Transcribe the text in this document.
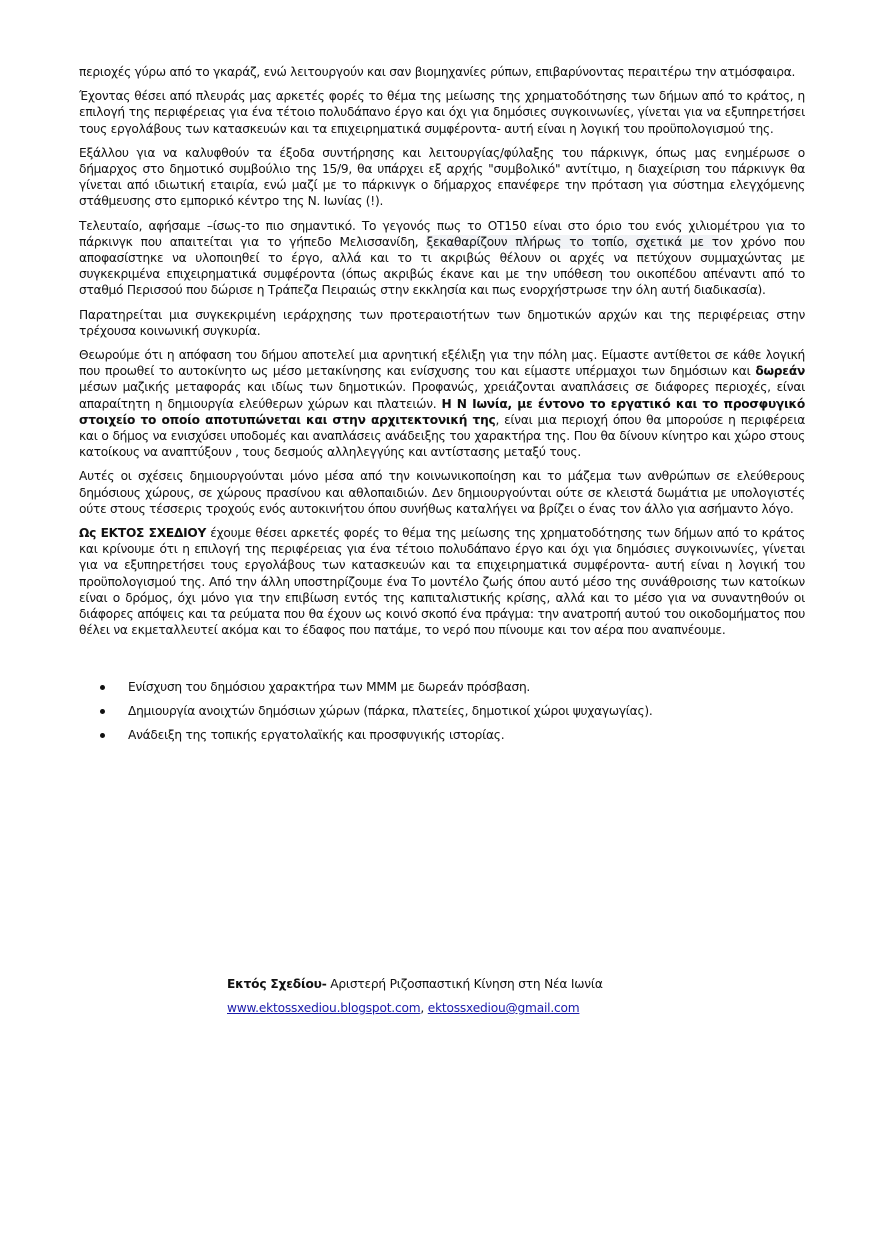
περιοχές γύρω από το γκαράζ, ενώ λειτουργούν και σαν βιομηχανίες ρύπων, επιβαρύνοντας περαιτέρω την ατμόσφαιρα.

Έχοντας θέσει από πλευράς μας αρκετές φορές το θέμα της μείωσης της χρηματοδότησης των δήμων από το κράτος, η επιλογή της περιφέρειας για ένα τέτοιο πολυδάπανο έργο και όχι για δημόσιες συγκοινωνίες, γίνεται για να εξυπηρετήσει τους εργολάβους των κατασκευών και τα επιχειρηματικά συμφέροντα- αυτή είναι η λογική του προϋπολογισμού της.

Εξάλλου για να καλυφθούν τα έξοδα συντήρησης και λειτουργίας/φύλαξης του πάρκινγκ, όπως μας ενημέρωσε ο δήμαρχος στο δημοτικό συμβούλιο της 15/9, θα υπάρχει εξ αρχής "συμβολικό" αντίτιμο, η διαχείριση του πάρκινγκ θα γίνεται από ιδιωτική εταιρία, ενώ μαζί με το πάρκινγκ ο δήμαρχος επανέφερε την πρόταση για σύστημα ελεγχόμενης στάθμευσης στο εμπορικό κέντρο της Ν. Ιωνίας (!).

Τελευταίο, αφήσαμε –ίσως-το πιο σημαντικό. Το γεγονός πως το ΟΤ150 είναι στο όριο του ενός χιλιομέτρου για το πάρκινγκ που απαιτείται για το γήπεδο Μελισσανίδη, ξεκαθαρίζουν πλήρως το τοπίο, σχετικά με τον χρόνο που αποφασίστηκε να υλοποιηθεί το έργο, αλλά και το τι ακριβώς θέλουν οι αρχές να πετύχουν συμμαχώντας με συγκεκριμένα επιχειρηματικά συμφέροντα (όπως ακριβώς έκανε και με την υπόθεση του οικοπέδου απέναντι από το σταθμό Περισσού που δώρισε η Τράπεζα Πειραιώς στην εκκλησία και πως ενορχήστρωσε την όλη αυτή διαδικασία).

Παρατηρείται μια συγκεκριμένη ιεράρχησης των προτεραιοτήτων των δημοτικών αρχών και της περιφέρειας στην τρέχουσα κοινωνική συγκυρία.

Θεωρούμε ότι η απόφαση του δήμου αποτελεί μια αρνητική εξέλιξη για την πόλη μας. Είμαστε αντίθετοι σε κάθε λογική που προωθεί το αυτοκίνητο ως μέσο μετακίνησης και ενίσχυσης του και είμαστε υπέρμαχοι των δημόσιων και δωρεάν μέσων μαζικής μεταφοράς και ιδίως των δημοτικών. Προφανώς, χρειάζονται αναπλάσεις σε διάφορες περιοχές, είναι απαραίτητη η δημιουργία ελεύθερων χώρων και πλατειών. Η Ν Ιωνία, με έντονο το εργατικό και το προσφυγικό στοιχείο το οποίο αποτυπώνεται και στην αρχιτεκτονική της, είναι μια περιοχή όπου θα μπορούσε η περιφέρεια και ο δήμος να ενισχύσει υποδομές και αναπλάσεις ανάδειξης του χαρακτήρα της. Που θα δίνουν κίνητρο και χώρο στους κατοίκους να αναπτύξουν , τους δεσμούς αλληλεγγύης και αντίστασης μεταξύ τους.

Αυτές οι σχέσεις δημιουργούνται μόνο μέσα από την κοινωνικοποίηση και το μάζεμα των ανθρώπων σε ελεύθερους δημόσιους χώρους, σε χώρους πρασίνου και αθλοπαιδιών. Δεν δημιουργούνται ούτε σε κλειστά δωμάτια με υπολογιστές ούτε στους τέσσερις τροχούς ενός αυτοκινήτου όπου συνήθως καταλήγει να βρίζει ο ένας τον άλλο για ασήμαντο λόγο.

Ως ΕΚΤΟΣ ΣΧΕΔΙΟΥ έχουμε θέσει αρκετές φορές το θέμα της μείωσης της χρηματοδότησης των δήμων από το κράτος και κρίνουμε ότι η επιλογή της περιφέρειας για ένα τέτοιο πολυδάπανο έργο και όχι για δημόσιες συγκοινωνίες, γίνεται για να εξυπηρετήσει τους εργολάβους των κατασκευών και τα επιχειρηματικά συμφέροντα- αυτή είναι η λογική του προϋπολογισμού της. Από την άλλη υποστηρίζουμε ένα Το μοντέλο ζωής όπου αυτό μέσο της συνάθροισης των κατοίκων είναι ο δρόμος, όχι μόνο για την επιβίωση εντός της καπιταλιστικής κρίσης, αλλά και το μέσο για να συναντηθούν οι διάφορες απόψεις και τα ρεύματα που θα έχουν ως κοινό σκοπό ένα πράγμα: την ανατροπή αυτού του οικοδομήματος που θέλει να εκμεταλλευτεί ακόμα και το έδαφος που πατάμε, το νερό που πίνουμε και τον αέρα που αναπνέουμε.

Ενίσχυση του δημόσιου χαρακτήρα των ΜΜΜ με δωρεάν πρόσβαση.
Δημιουργία ανοιχτών δημόσιων χώρων (πάρκα, πλατείες, δημοτικοί χώροι ψυχαγωγίας).
Ανάδειξη της τοπικής εργατολαϊκής και προσφυγικής ιστορίας.
Εκτός Σχεδίου- Αριστερή Ριζοσπαστική Κίνηση στη Νέα Ιωνία
www.ektossxediou.blogspot.com, ektossxediou@gmail.com
